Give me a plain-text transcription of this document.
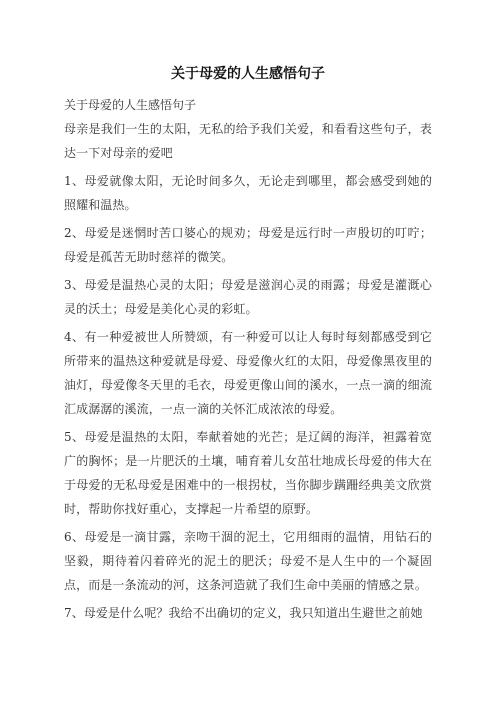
关于母爱的人生感悟句子

关于母爱的人生感悟句子

母亲是我们一生的太阳，无私的给予我们关爱，和看看这些句子，表达一下对母亲的爱吧

1、母爱就像太阳，无论时间多久，无论走到哪里，都会感受到她的照耀和温热。

2、母爱是迷惘时苦口婆心的规劝；母爱是远行时一声殷切的叮咛；母爱是孤苦无助时慈祥的微笑。

3、母爱是温热心灵的太阳；母爱是滋润心灵的雨露；母爱是灌溉心灵的沃土；母爱是美化心灵的彩虹。

4、有一种爱被世人所赞颂，有一种爱可以让人每时每刻都感受到它所带来的温热这种爱就是母爱、母爱像火红的太阳，母爱像黑夜里的油灯，母爱像冬天里的毛衣，母爱更像山间的溪水，一点一滴的细流汇成潺潺的溪流，一点一滴的关怀汇成浓浓的母爱。

5、母爱是温热的太阳，奉献着她的光芒；是辽阔的海洋，袒露着宽广的胸怀；是一片肥沃的土壤，哺育着儿女茁壮地成长母爱的伟大在于母爱的无私母爱是困难中的一根拐杖，当你脚步蹒跚经典美文欣赏时，帮助你找好重心，支撑起一片希望的原野。

6、母爱是一滴甘露，亲吻干涸的泥土，它用细雨的温情，用钻石的坚毅，期待着闪着碎光的泥土的肥沃；母爱不是人生中的一个凝固点，而是一条流动的河，这条河造就了我们生命中美丽的情感之景。

7、母爱是什么呢？我给不出确切的定义，我只知道出生避世之前她
